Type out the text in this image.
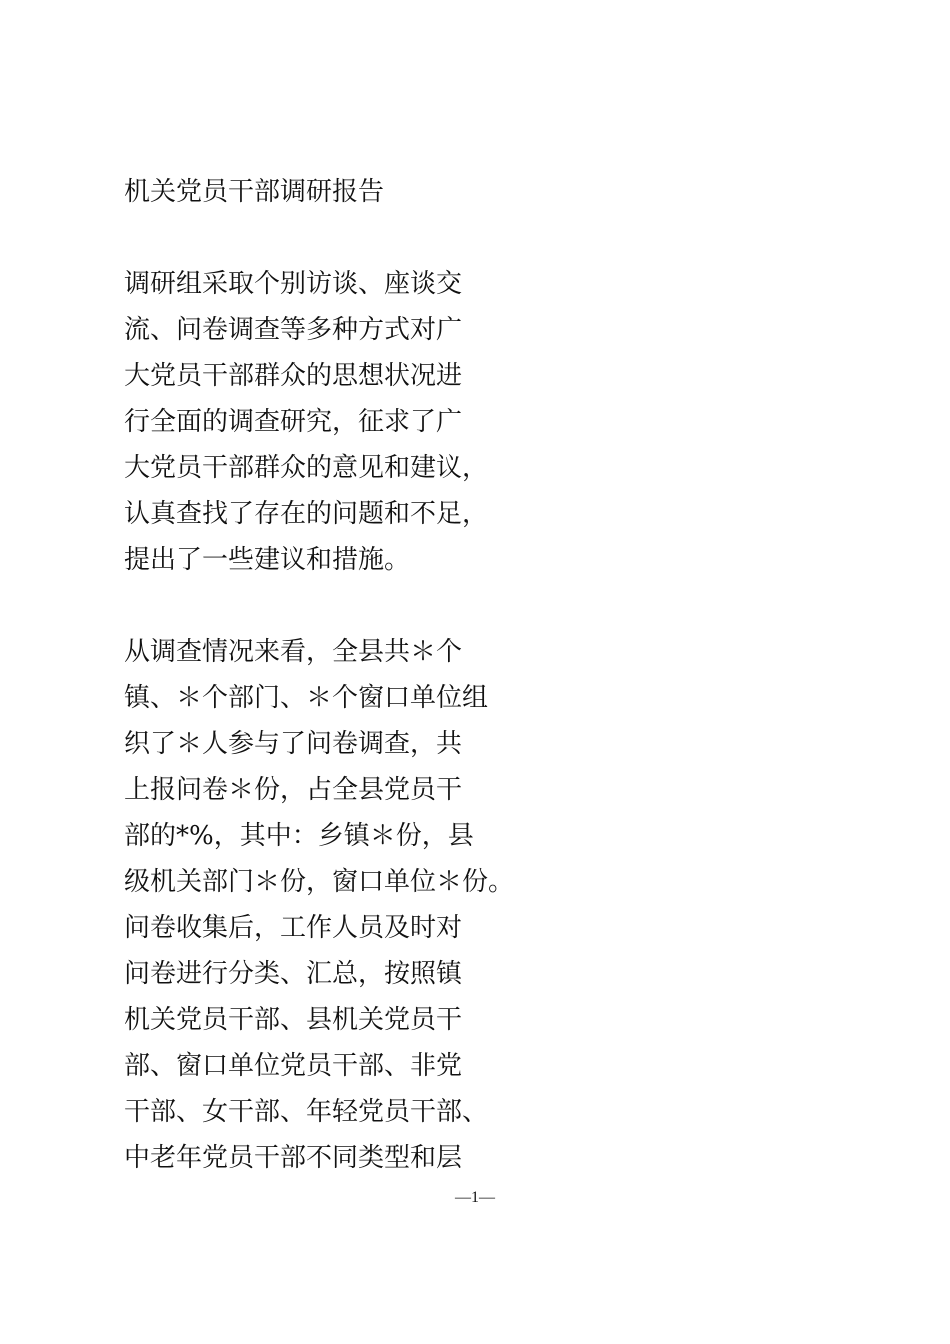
机关党员干部调研报告
调研组采取个别访谈、座谈交
流、问卷调查等多种方式对广
大党员干部群众的思想状况进
行全面的调查研究，征求了广
大党员干部群众的意见和建议，
认真查找了存在的问题和不足，
提出了一些建议和措施。
从调查情况来看，全县共＊个
镇、＊个部门、＊个窗口单位组
织了＊人参与了问卷调查，共
上报问卷＊份，占全县党员干
部的*%，其中：乡镇＊份，县
级机关部门＊份，窗口单位＊份。
问卷收集后，工作人员及时对
问卷进行分类、汇总，按照镇
机关党员干部、县机关党员干
部、窗口单位党员干部、非党
干部、女干部、年轻党员干部、
中老年党员干部不同类型和层
—1—
